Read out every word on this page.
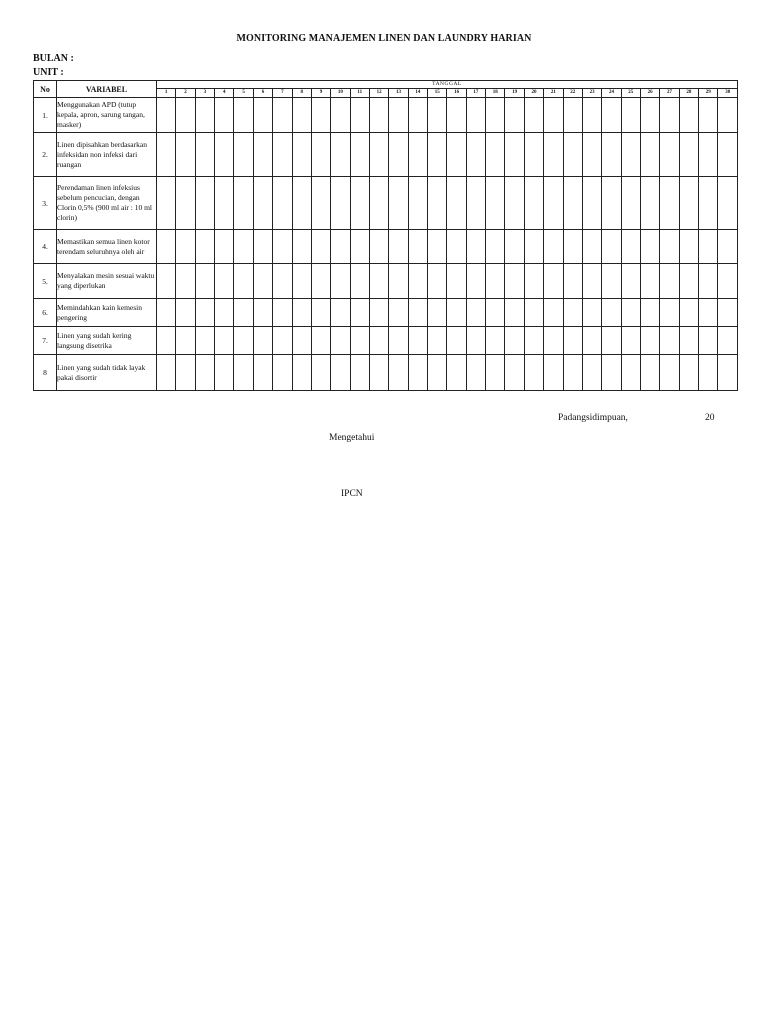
MONITORING MANAJEMEN LINEN DAN LAUNDRY HARIAN
BULAN :
UNIT :
No	VARIABEL	TANGGAL																													
		1	2	3	4	5	6	7	8	9	10	11	12	13	14	15	16	17	18	19	20	21	22	23	24	25	26	27	28	29	30
1.	Menggunakan APD (tutup kepala, apron, sarung tangan, masker)																														
2.	Linen dipisahkan berdasarkan infeksidan non infeksi dari ruangan																														
3.	Perendaman linen infeksius sebelum pencucian, dengan Clorin 0,5% (900 ml air : 10 ml clorin)																														
4.	Memastikan semua linen kotor terendam seluruhnya oleh air																														
5.	Menyalakan mesin sesuai waktu yang diperlukan																														
6.	Memindahkan kain kemesin pengering																														
7.	Linen yang sudah kering langsung disetrika																														
8	Linen yang sudah tidak layak pakai disortir																														
Padangsidimpuan,	20
Mengetahui
IPCN
